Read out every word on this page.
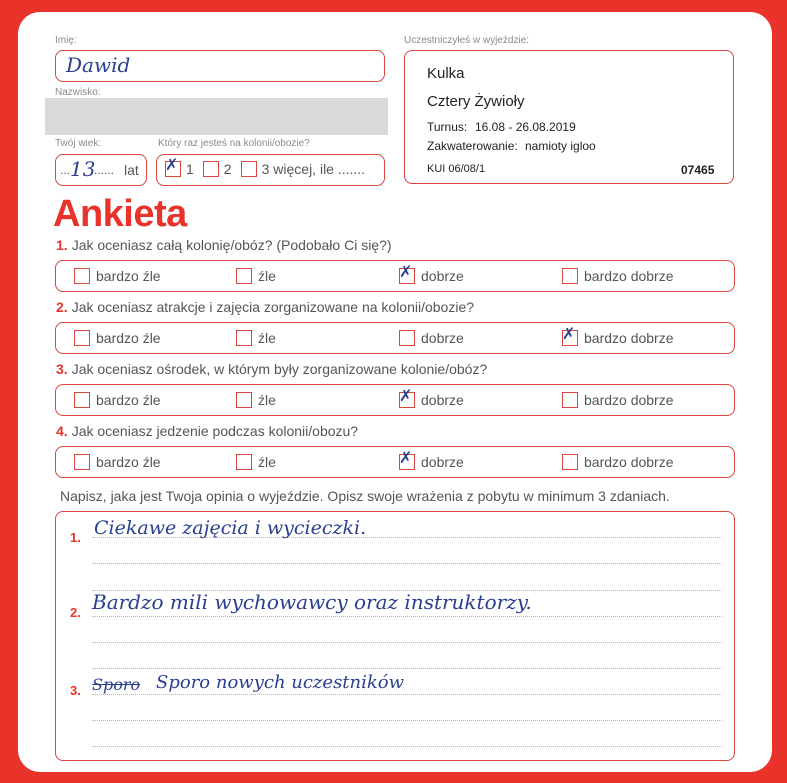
Imię:
Dawid
Nazwisko:
Twój wiek:
... 13
...... lat
Który raz jesteś na kolonii/obozie?
✗ 1 2 3 więcej, ile .......
Uczestniczyłeś w wyjeździe:
Kulka
Cztery Żywioły
Turnus: 16.08 - 26.08.2019
Zakwaterowanie: namioty igloo
KUI 06/08/1	07465
Ankieta
1. Jak oceniasz całą kolonię/obóz? (Podobało Ci się?)
bardzo źle	źle	✗ dobrze	bardzo dobrze
2. Jak oceniasz atrakcje i zajęcia zorganizowane na kolonii/obozie?
bardzo źle	źle	dobrze	✗ bardzo dobrze
3. Jak oceniasz ośrodek, w którym były zorganizowane kolonie/obóz?
bardzo źle	źle	✗ dobrze	bardzo dobrze
4. Jak oceniasz jedzenie podczas kolonii/obozu?
bardzo źle	źle	✗ dobrze	bardzo dobrze
Napisz, jaka jest Twoja opinia o wyjeździe. Opisz swoje wrażenia z pobytu w minimum 3 zdaniach.
1. Ciekawe zajęcia i wycieczki.
2. Bardzo mili wychowawcy oraz instruktorzy.
3. Sporo Sporo nowych uczestników
